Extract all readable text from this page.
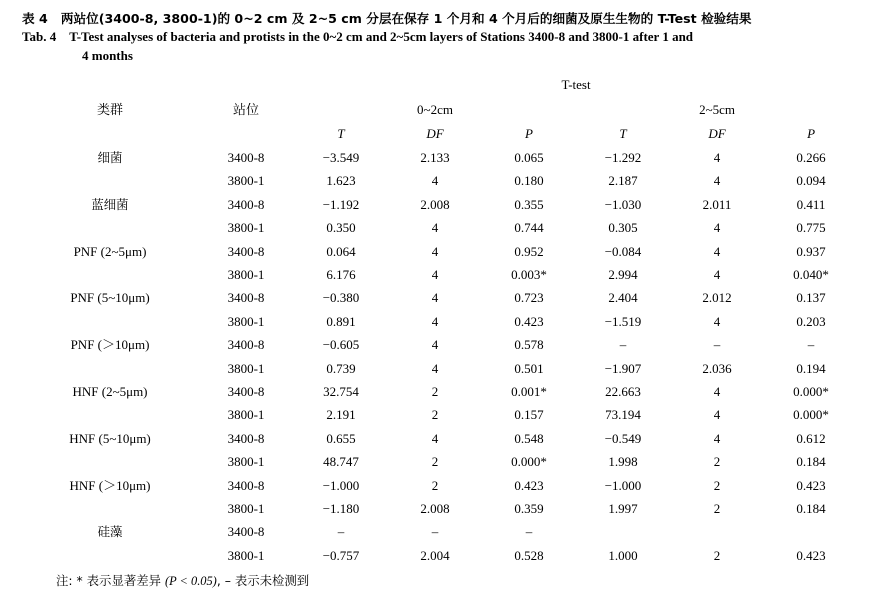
表 4 两站位(3400-8, 3800-1)的 0~2 cm 及 2~5 cm 分层在保存 1 个月和 4 个月后的细菌及原生生物的 T-Test 检验结果
Tab. 4 T-Test analyses of bacteria and protists in the 0~2 cm and 2~5cm layers of Stations 3400-8 and 3800-1 after 1 and
4 months
类群	站位	T-test					
		0~2cm			2~5cm		
		T	DF	P	T	DF	P
细菌	3400-8	−3.549	2.133	0.065	−1.292	4	0.266
	3800-1	1.623	4	0.180	2.187	4	0.094
蓝细菌	3400-8	−1.192	2.008	0.355	−1.030	2.011	0.411
	3800-1	0.350	4	0.744	0.305	4	0.775
PNF (2~5μm)	3400-8	0.064	4	0.952	−0.084	4	0.937
	3800-1	6.176	4	0.003*	2.994	4	0.040*
PNF (5~10μm)	3400-8	−0.380	4	0.723	2.404	2.012	0.137
	3800-1	0.891	4	0.423	−1.519	4	0.203
PNF (＞10μm)	3400-8	−0.605	4	0.578	–	–	–
	3800-1	0.739	4	0.501	−1.907	2.036	0.194
HNF (2~5μm)	3400-8	32.754	2	0.001*	22.663	4	0.000*
	3800-1	2.191	2	0.157	73.194	4	0.000*
HNF (5~10μm)	3400-8	0.655	4	0.548	−0.549	4	0.612
	3800-1	48.747	2	0.000*	1.998	2	0.184
HNF (＞10μm)	3400-8	−1.000	2	0.423	−1.000	2	0.423
	3800-1	−1.180	2.008	0.359	1.997	2	0.184
硅藻	3400-8	–	–	–			
	3800-1	−0.757	2.004	0.528	1.000	2	0.423
注: * 表示显著差异 (P < 0.05), – 表示未检测到
